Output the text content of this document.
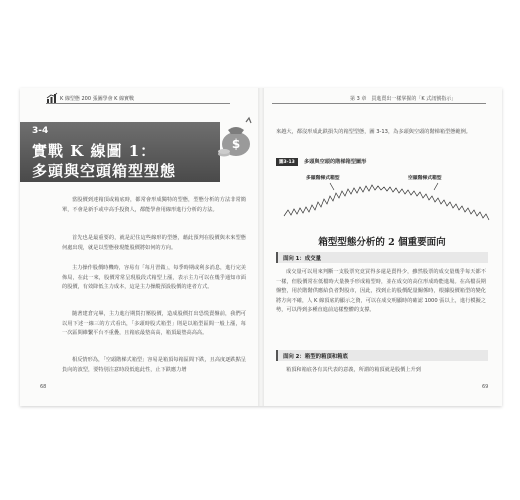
K 線型態 200 張圖學會 K 線實戰
3-4
實戰 K 線圖 1：
多頭與空頭箱型型態
$

當股價到達箱頂或箱底時，都常會形成獨特的型態，型態分析的方法非常簡單，不會是新手或中高手投資人，都能學會用線形進行分析的方法。

首先也是最重要的，就是記住這些線形的型態，藉此預判在股價與未來型態何處出現，就是以型態發現能股價將如何的方向。

主力操作股價時機時，容易有「每月習做」，每季時期或利多消息，進行完美佈局，在此一來，股價常常呈現股段式箱型上漲，表示主力可以在幾乎通知市面的股價，有效降低主力成本，這是主力操縱預設股價的達者方式。

隨著建倉完畢，主力進行期貨打壓股價，造成股價打出恐慌賣盤前，我們可以用下述一線三的方式看出，「多頭時股式箱型」則是以箱型區間一般上漲，每一次區間維繫平台不重疊，且箱底最墊高高，箱頂最墊高高高。

相反情形為，「空頭階梯式箱型」容易是箱頂每箱區間下跌，且高度逐跌點呈負向的波型，要特別注意時段低進此性，止下跌應力增

68
第 3 章　買進賣出一樣掌握的「K 式訊號指示」

來越大，都沒形成此跌損失的箱型型態，圖 3-13，為多頭與空頭的階梯箱型態範例。

圖3-13	多頭與空頭的階梯箱型圖形
多頭階梯式箱型	空頭階梯式箱型
箱型型態分析的 2 個重要面向
面向 1：成交量

成交量可以用來判斷一支股票究竟買得多還是賣得少，雖然股票的成交量幾乎每天都不一樣，但股價常在低檔時大量換手形成箱型時，並在成交的高位形成時能進場。在高檔長期盤整，用於階階供應給負者對股市，因此，找到止的股價配量關係時，根據股價箱型的變化將方向不確，人 K 線頂底的顯示之資，可以在成交明顯時的確認 1000 張以上，進行模擬之勢，可以得到多種直進前這樣整體的支撐。

面向 2：箱型的箱頂和箱底

箱頂和箱底各有其代表的意義，所謂的箱頂就是股價上升到

69
